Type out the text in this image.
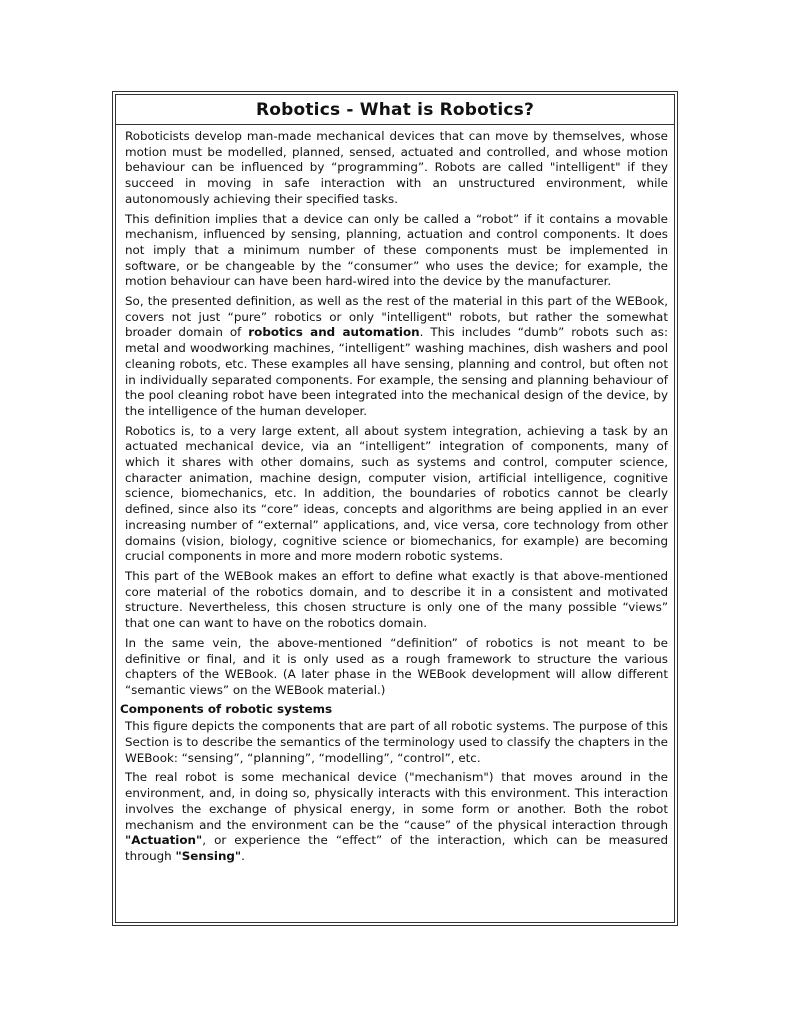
Robotics - What is Robotics?

Roboticists develop man-made mechanical devices that can move by themselves, whose motion must be modelled, planned, sensed, actuated and controlled, and whose motion behaviour can be influenced by “programming”. Robots are called "intelligent" if they succeed in moving in safe interaction with an unstructured environment, while autonomously achieving their specified tasks.

This definition implies that a device can only be called a “robot” if it contains a movable mechanism, influenced by sensing, planning, actuation and control components. It does not imply that a minimum number of these components must be implemented in software, or be changeable by the “consumer” who uses the device; for example, the motion behaviour can have been hard-wired into the device by the manufacturer.

So, the presented definition, as well as the rest of the material in this part of the WEBook, covers not just “pure” robotics or only "intelligent" robots, but rather the somewhat broader domain of robotics and automation. This includes “dumb” robots such as: metal and woodworking machines, “intelligent” washing machines, dish washers and pool cleaning robots, etc. These examples all have sensing, planning and control, but often not in individually separated components. For example, the sensing and planning behaviour of the pool cleaning robot have been integrated into the mechanical design of the device, by the intelligence of the human developer.

Robotics is, to a very large extent, all about system integration, achieving a task by an actuated mechanical device, via an “intelligent” integration of components, many of which it shares with other domains, such as systems and control, computer science, character animation, machine design, computer vision, artificial intelligence, cognitive science, biomechanics, etc. In addition, the boundaries of robotics cannot be clearly defined, since also its “core” ideas, concepts and algorithms are being applied in an ever increasing number of “external” applications, and, vice versa, core technology from other domains (vision, biology, cognitive science or biomechanics, for example) are becoming crucial components in more and more modern robotic systems.

This part of the WEBook makes an effort to define what exactly is that above-mentioned core material of the robotics domain, and to describe it in a consistent and motivated structure. Nevertheless, this chosen structure is only one of the many possible “views” that one can want to have on the robotics domain.

In the same vein, the above-mentioned “definition” of robotics is not meant to be definitive or final, and it is only used as a rough framework to structure the various chapters of the WEBook. (A later phase in the WEBook development will allow different “semantic views” on the WEBook material.)

Components of robotic systems

This figure depicts the components that are part of all robotic systems. The purpose of this Section is to describe the semantics of the terminology used to classify the chapters in the WEBook: “sensing”, “planning”, “modelling”, “control”, etc.

The real robot is some mechanical device ("mechanism") that moves around in the environment, and, in doing so, physically interacts with this environment. This interaction involves the exchange of physical energy, in some form or another. Both the robot mechanism and the environment can be the “cause” of the physical interaction through "Actuation", or experience the “effect” of the interaction, which can be measured through "Sensing".
